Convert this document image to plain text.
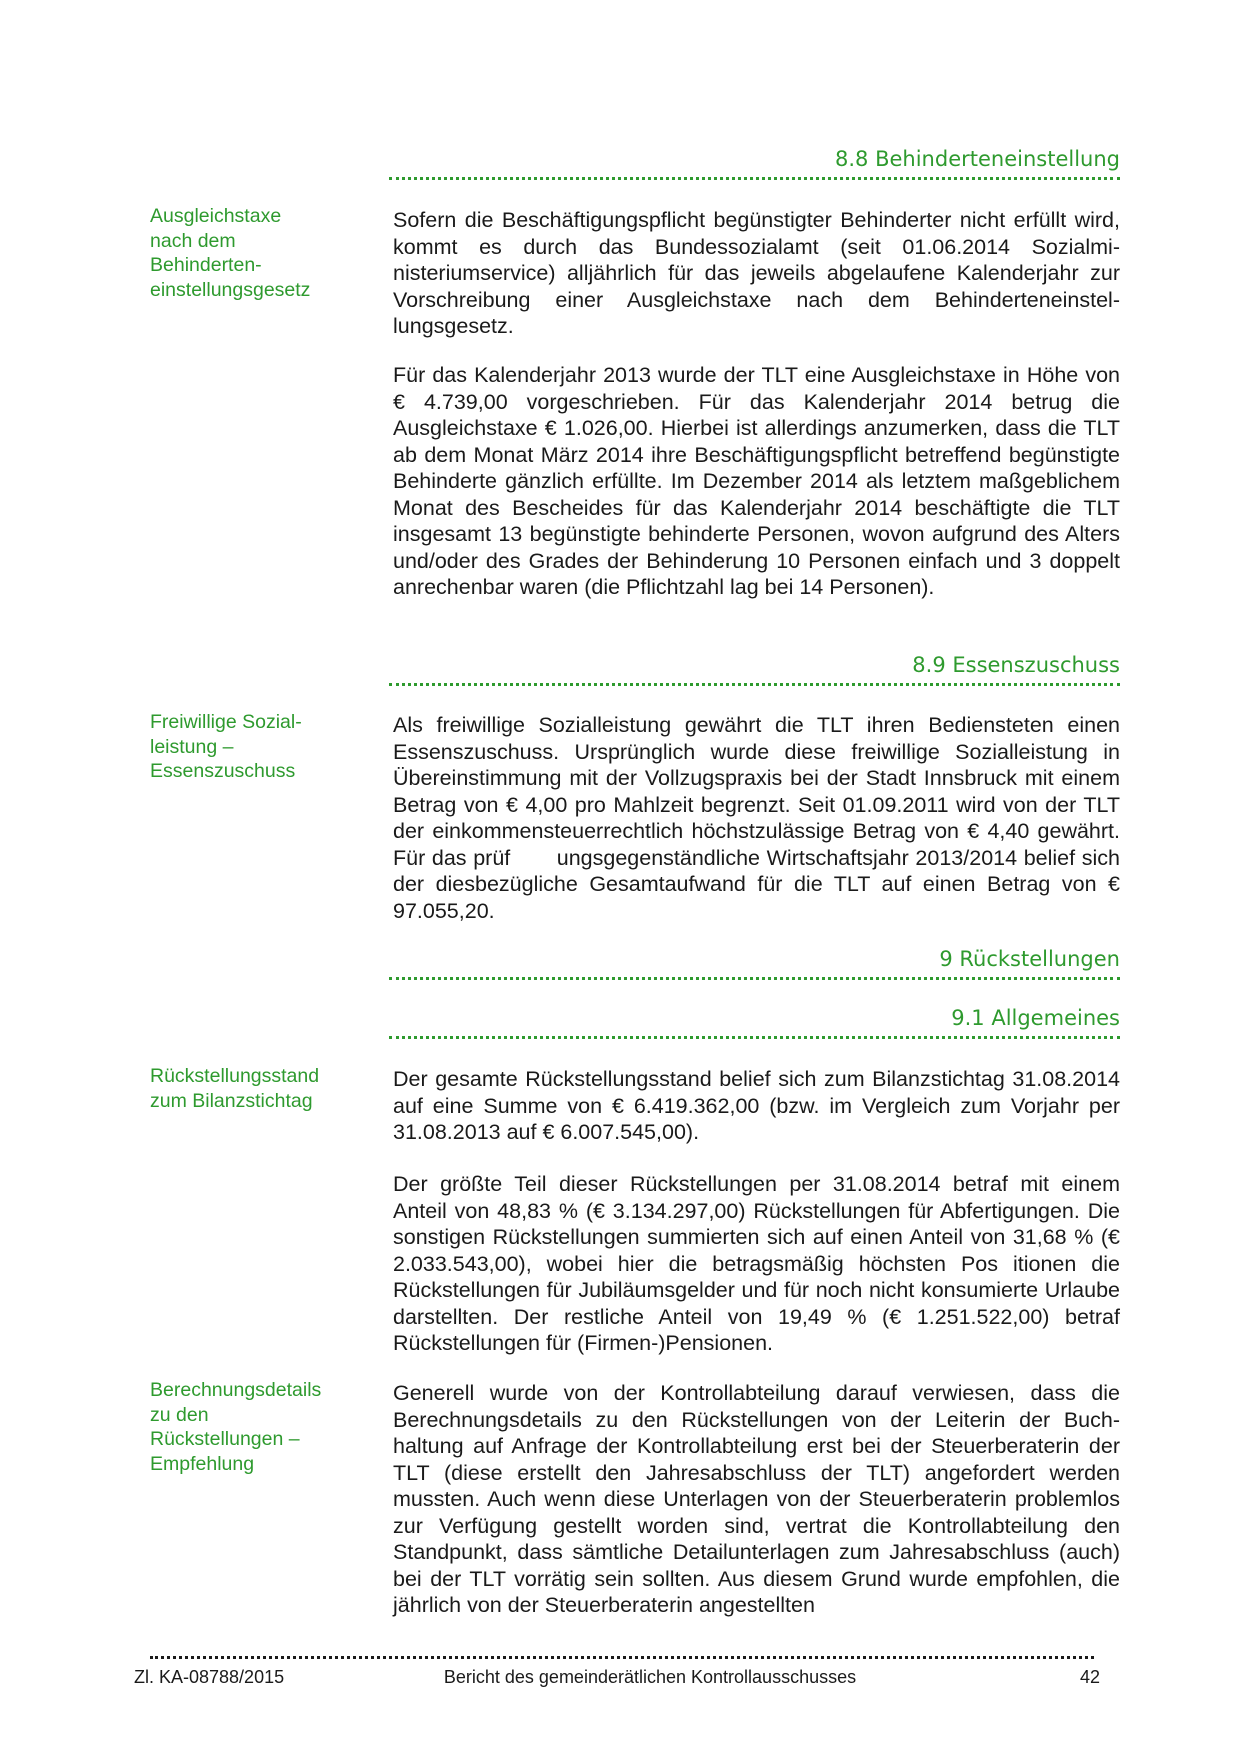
8.8 Behinderteneinstellung
Ausgleichstaxe
nach dem
Behinderten-
einstellungsgesetz
Sofern die Beschäftigungspflicht begünstigter Behinderter nicht erfüllt wird, kommt es durch das Bundessozialamt (seit 01.06.2014 Sozialministeriumservice) alljährlich für das jeweils abgelaufene Kalenderjahr zur Vorschreibung einer Ausgleichstaxe nach dem Behinderteneinstellungsgesetz.
Für das Kalenderjahr 2013 wurde der TLT eine Ausgleichstaxe in Höhe von € 4.739,00 vorgeschrieben. Für das Kalenderjahr 2014 betrug die Ausgleichstaxe € 1.026,00. Hierbei ist allerdings anzumerken, dass die TLT ab dem Monat März 2014 ihre Beschäftigungspflicht betreffend begünstigte Behinderte gänzlich erfüllte. Im Dezember 2014 als letztem maßgeblichem Monat des Bescheides für das Kalenderjahr 2014 beschäftigte die TLT insgesamt 13 begünstigte behinderte Personen, wovon aufgrund des Alters und/oder des Grades der Behinderung 10 Personen einfach und 3 doppelt anrechenbar waren (die Pflichtzahl lag bei 14 Personen).
8.9 Essenszuschuss
Freiwillige Sozial-
leistung –
Essenszuschuss
Als freiwillige Sozialleistung gewährt die TLT ihren Bediensteten einen Essenszuschuss. Ursprünglich wurde diese freiwillige Sozialleistung in Übereinstimmung mit der Vollzugspraxis bei der Stadt Innsbruck mit einem Betrag von € 4,00 pro Mahlzeit begrenzt. Seit 01.09.2011 wird von der TLT der einkommensteuerrechtlich höchstzulässige Betrag von € 4,40 gewährt. Für das prüf       ungsgegenständliche Wirtschaftsjahr 2013/2014 belief sich der diesbezügliche Gesamtaufwand für die TLT auf einen Betrag von € 97.055,20.
9 Rückstellungen
9.1 Allgemeines
Rückstellungsstand
zum Bilanzstichtag
Der gesamte Rückstellungsstand belief sich zum Bilanzstichtag 31.08.2014 auf eine Summe von € 6.419.362,00 (bzw. im Vergleich zum Vorjahr per 31.08.2013 auf € 6.007.545,00).
Der größte Teil dieser Rückstellungen per 31.08.2014 betraf mit einem Anteil von 48,83 % (€ 3.134.297,00) Rückstellungen für Abfertigungen. Die sonstigen Rückstellungen summierten sich auf einen Anteil von 31,68 % (€ 2.033.543,00), wobei hier die betragsmäßig höchsten Pos itionen die Rückstellungen für Jubiläumsgelder und für noch nicht konsumierte Urlaube darstellten. Der restliche Anteil von 19,49 % (€ 1.251.522,00) betraf Rückstellungen für (Firmen-)Pensionen.
Berechnungsdetails
zu den
Rückstellungen –
Empfehlung
Generell wurde von der Kontrollabteilung darauf verwiesen, dass die Berechnungsdetails zu den Rückstellungen von der Leiterin der Buchhaltung auf Anfrage der Kontrollabteilung erst bei der Steuerberaterin der TLT (diese erstellt den Jahresabschluss der TLT) angefordert werden mussten. Auch wenn diese Unterlagen von der Steuerberaterin problemlos zur Verfügung gestellt worden sind, vertrat die Kontrollabteilung den Standpunkt, dass sämtliche Detailunterlagen zum Jahresabschluss (auch) bei der TLT vorrätig sein sollten. Aus diesem Grund wurde empfohlen, die jährlich von der Steuerberaterin angestellten
Zl. KA-08788/2015	Bericht des gemeinderätlichen Kontrollausschusses	42
